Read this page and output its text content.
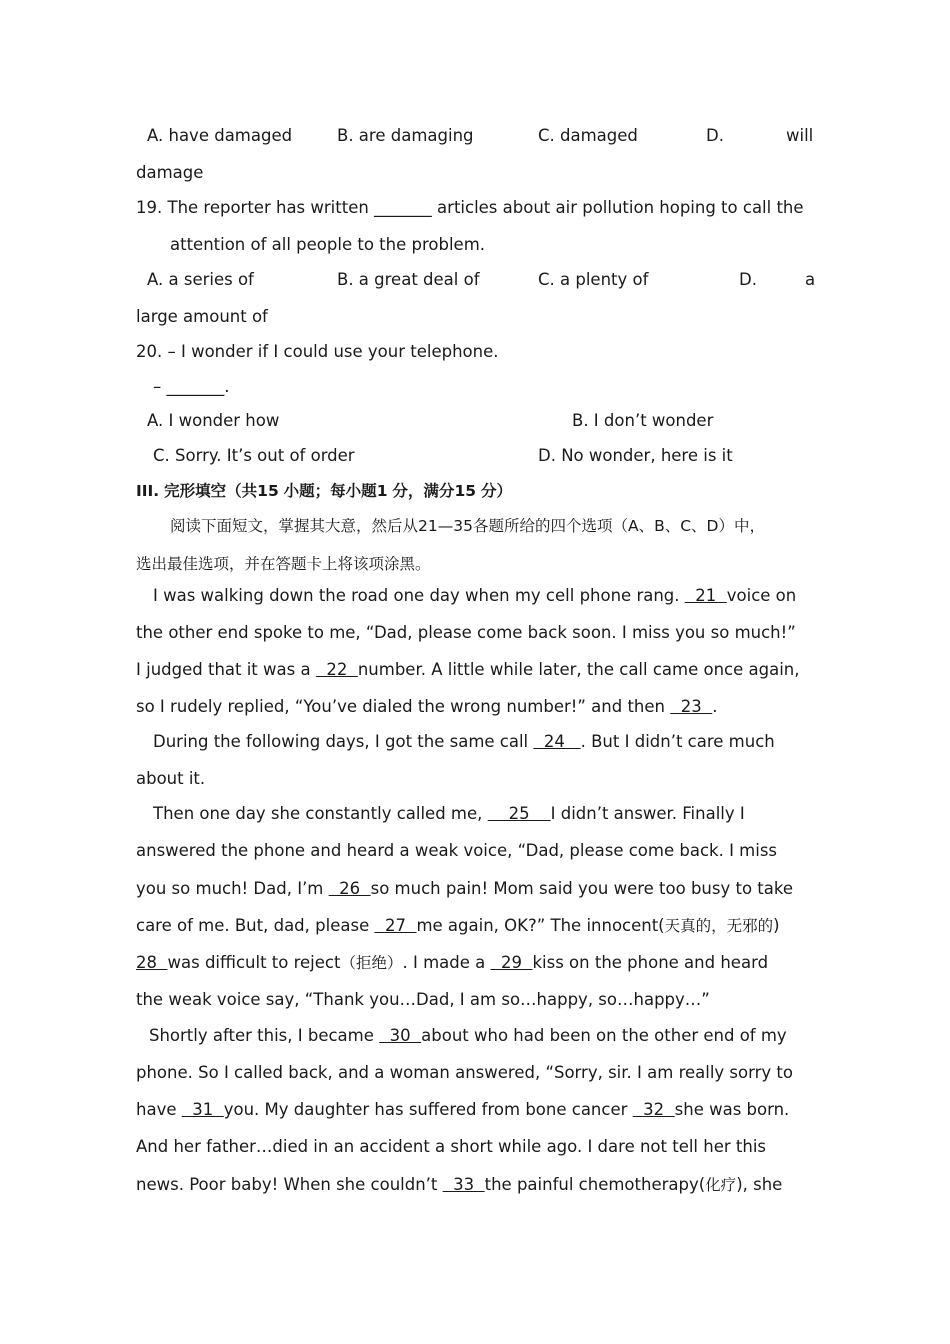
A. have damaged	B. are damaging	C. damaged	D.	will
damage
19. The reporter has written _______ articles about air pollution hoping to call the
attention of all people to the problem.
A. a series of	B. a great deal of	C. a plenty of	D.	a
large amount of
20. – I wonder if I could use your telephone.
– _______.
A. I wonder how	B. I don’t wonder
C. Sorry. It’s out of order	D. No wonder, here is it
III. 完形填空（共15 小题；每小题1 分，满分15 分）
阅读下面短文，掌握其大意，然后从21—35各题所给的四个选项（A、B、C、D）中，
选出最佳选项，并在答题卡上将该项涂黑。
I was walking down the road one day when my cell phone rang.   21  voice on
the other end spoke to me, “Dad, please come back soon. I miss you so much!”
I judged that it was a   22  number. A little while later, the call came once again,
so I rudely replied, “You’ve dialed the wrong number!” and then   23  .
During the following days, I got the same call   24   . But I didn’t care much
about it.
Then one day she constantly called me,     25    I didn’t answer. Finally I
answered the phone and heard a weak voice, “Dad, please come back. I miss
you so much! Dad, I’m   26  so much pain! Mom said you were too busy to take
care of me. But, dad, please   27  me again, OK?” The innocent(天真的，无邪的)
28  was difficult to reject（拒绝）. I made a   29  kiss on the phone and heard
the weak voice say, “Thank you…Dad, I am so…happy, so…happy…”
Shortly after this, I became   30  about who had been on the other end of my
phone. So I called back, and a woman answered, “Sorry, sir. I am really sorry to
have   31  you. My daughter has suffered from bone cancer   32  she was born.
And her father…died in an accident a short while ago. I dare not tell her this
news. Poor baby! When she couldn’t   33  the painful chemotherapy(化疗), she
